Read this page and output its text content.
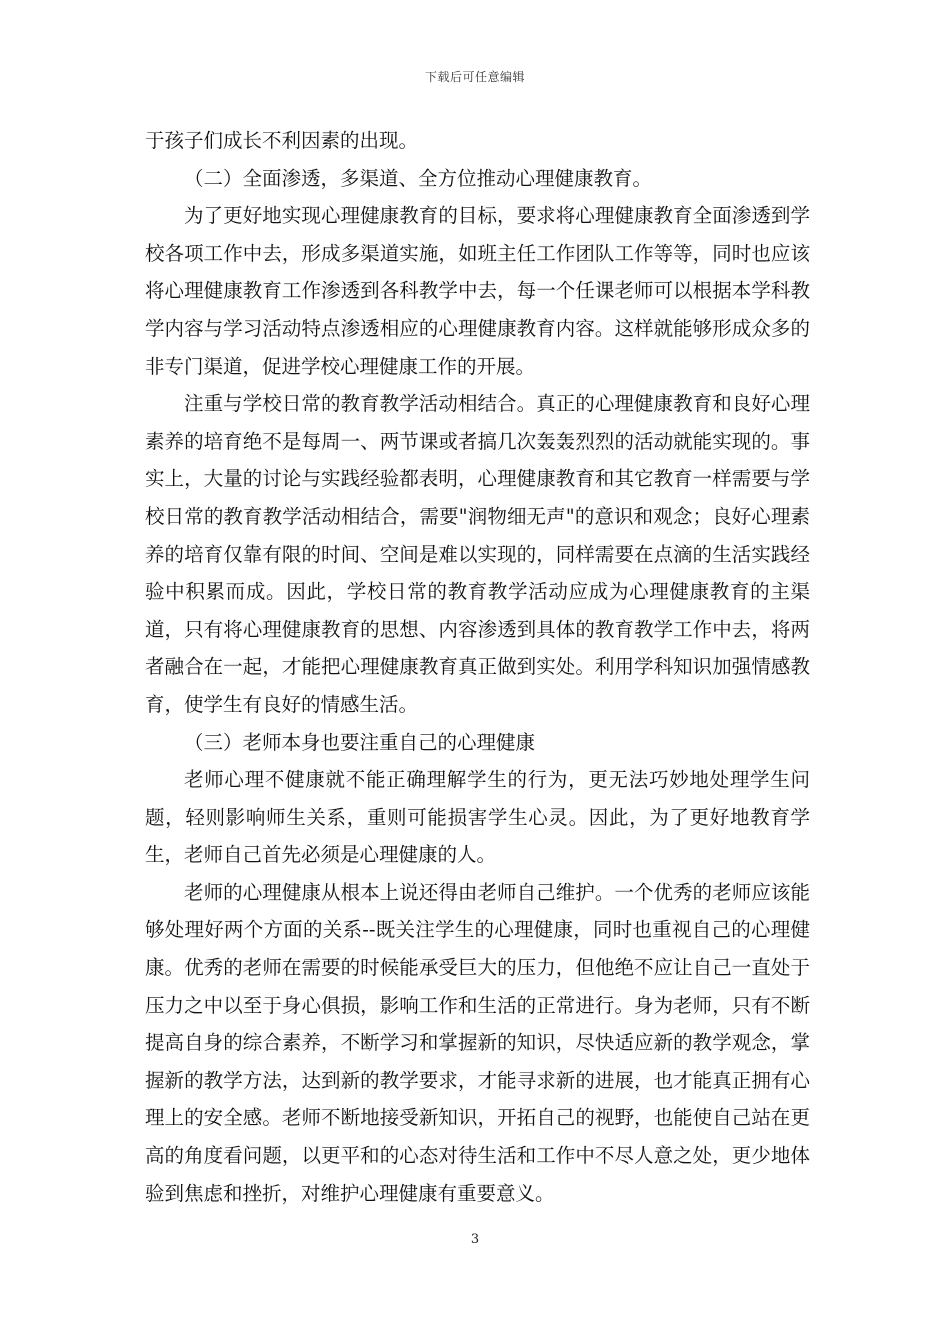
下载后可任意编辑

于孩子们成长不利因素的出现。

（二）全面渗透，多渠道、全方位推动心理健康教育。

为了更好地实现心理健康教育的目标，要求将心理健康教育全面渗透到学校各项工作中去，形成多渠道实施，如班主任工作团队工作等等，同时也应该将心理健康教育工作渗透到各科教学中去，每一个任课老师可以根据本学科教学内容与学习活动特点渗透相应的心理健康教育内容。这样就能够形成众多的非专门渠道，促进学校心理健康工作的开展。

注重与学校日常的教育教学活动相结合。真正的心理健康教育和良好心理素养的培育绝不是每周一、两节课或者搞几次轰轰烈烈的活动就能实现的。事实上，大量的讨论与实践经验都表明，心理健康教育和其它教育一样需要与学校日常的教育教学活动相结合，需要"润物细无声"的意识和观念；良好心理素养的培育仅靠有限的时间、空间是难以实现的，同样需要在点滴的生活实践经验中积累而成。因此，学校日常的教育教学活动应成为心理健康教育的主渠道，只有将心理健康教育的思想、内容渗透到具体的教育教学工作中去，将两者融合在一起，才能把心理健康教育真正做到实处。利用学科知识加强情感教育，使学生有良好的情感生活。

（三）老师本身也要注重自己的心理健康

老师心理不健康就不能正确理解学生的行为，更无法巧妙地处理学生问题，轻则影响师生关系，重则可能损害学生心灵。因此，为了更好地教育学生，老师自己首先必须是心理健康的人。

老师的心理健康从根本上说还得由老师自己维护。一个优秀的老师应该能够处理好两个方面的关系--既关注学生的心理健康，同时也重视自己的心理健康。优秀的老师在需要的时候能承受巨大的压力，但他绝不应让自己一直处于压力之中以至于身心俱损，影响工作和生活的正常进行。身为老师，只有不断提高自身的综合素养，不断学习和掌握新的知识，尽快适应新的教学观念，掌握新的教学方法，达到新的教学要求，才能寻求新的进展，也才能真正拥有心理上的安全感。老师不断地接受新知识，开拓自己的视野，也能使自己站在更高的角度看问题，以更平和的心态对待生活和工作中不尽人意之处，更少地体验到焦虑和挫折，对维护心理健康有重要意义。

3
